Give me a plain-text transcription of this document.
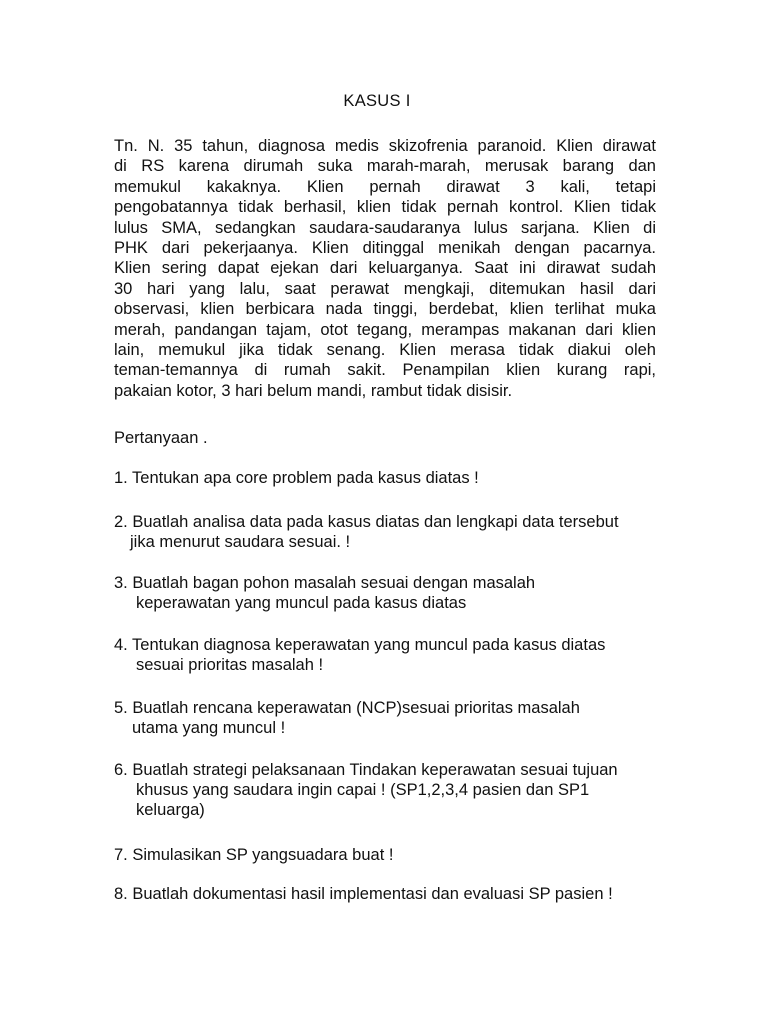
KASUS I
Tn. N. 35 tahun, diagnosa medis skizofrenia paranoid. Klien dirawat
di RS karena dirumah suka marah-marah, merusak barang dan
memukul kakaknya. Klien pernah dirawat 3 kali, tetapi
pengobatannya tidak berhasil, klien tidak pernah kontrol. Klien tidak
lulus SMA, sedangkan saudara-saudaranya lulus sarjana. Klien di
PHK dari pekerjaanya. Klien ditinggal menikah dengan pacarnya.
Klien sering dapat ejekan dari keluarganya. Saat ini dirawat sudah
30 hari yang lalu, saat perawat mengkaji, ditemukan hasil dari
observasi, klien berbicara nada tinggi, berdebat, klien terlihat muka
merah, pandangan tajam, otot tegang, merampas makanan dari klien
lain, memukul jika tidak senang. Klien merasa tidak diakui oleh
teman-temannya di rumah sakit. Penampilan klien kurang rapi,
pakaian kotor, 3 hari belum mandi, rambut tidak disisir.
Pertanyaan .
1. Tentukan apa core problem pada kasus diatas !
2. Buatlah analisa data pada kasus diatas dan lengkapi data tersebut
jika menurut saudara sesuai. !
3. Buatlah bagan pohon masalah sesuai dengan masalah
keperawatan yang muncul pada kasus diatas
4. Tentukan diagnosa keperawatan yang muncul pada kasus diatas
sesuai prioritas masalah !
5. Buatlah rencana keperawatan (NCP)sesuai prioritas masalah
utama yang muncul !
6. Buatlah strategi pelaksanaan Tindakan keperawatan sesuai tujuan
khusus yang saudara ingin capai ! (SP1,2,3,4 pasien dan SP1
keluarga)
7. Simulasikan SP yangsuadara buat !
8. Buatlah dokumentasi hasil implementasi dan evaluasi SP pasien !
